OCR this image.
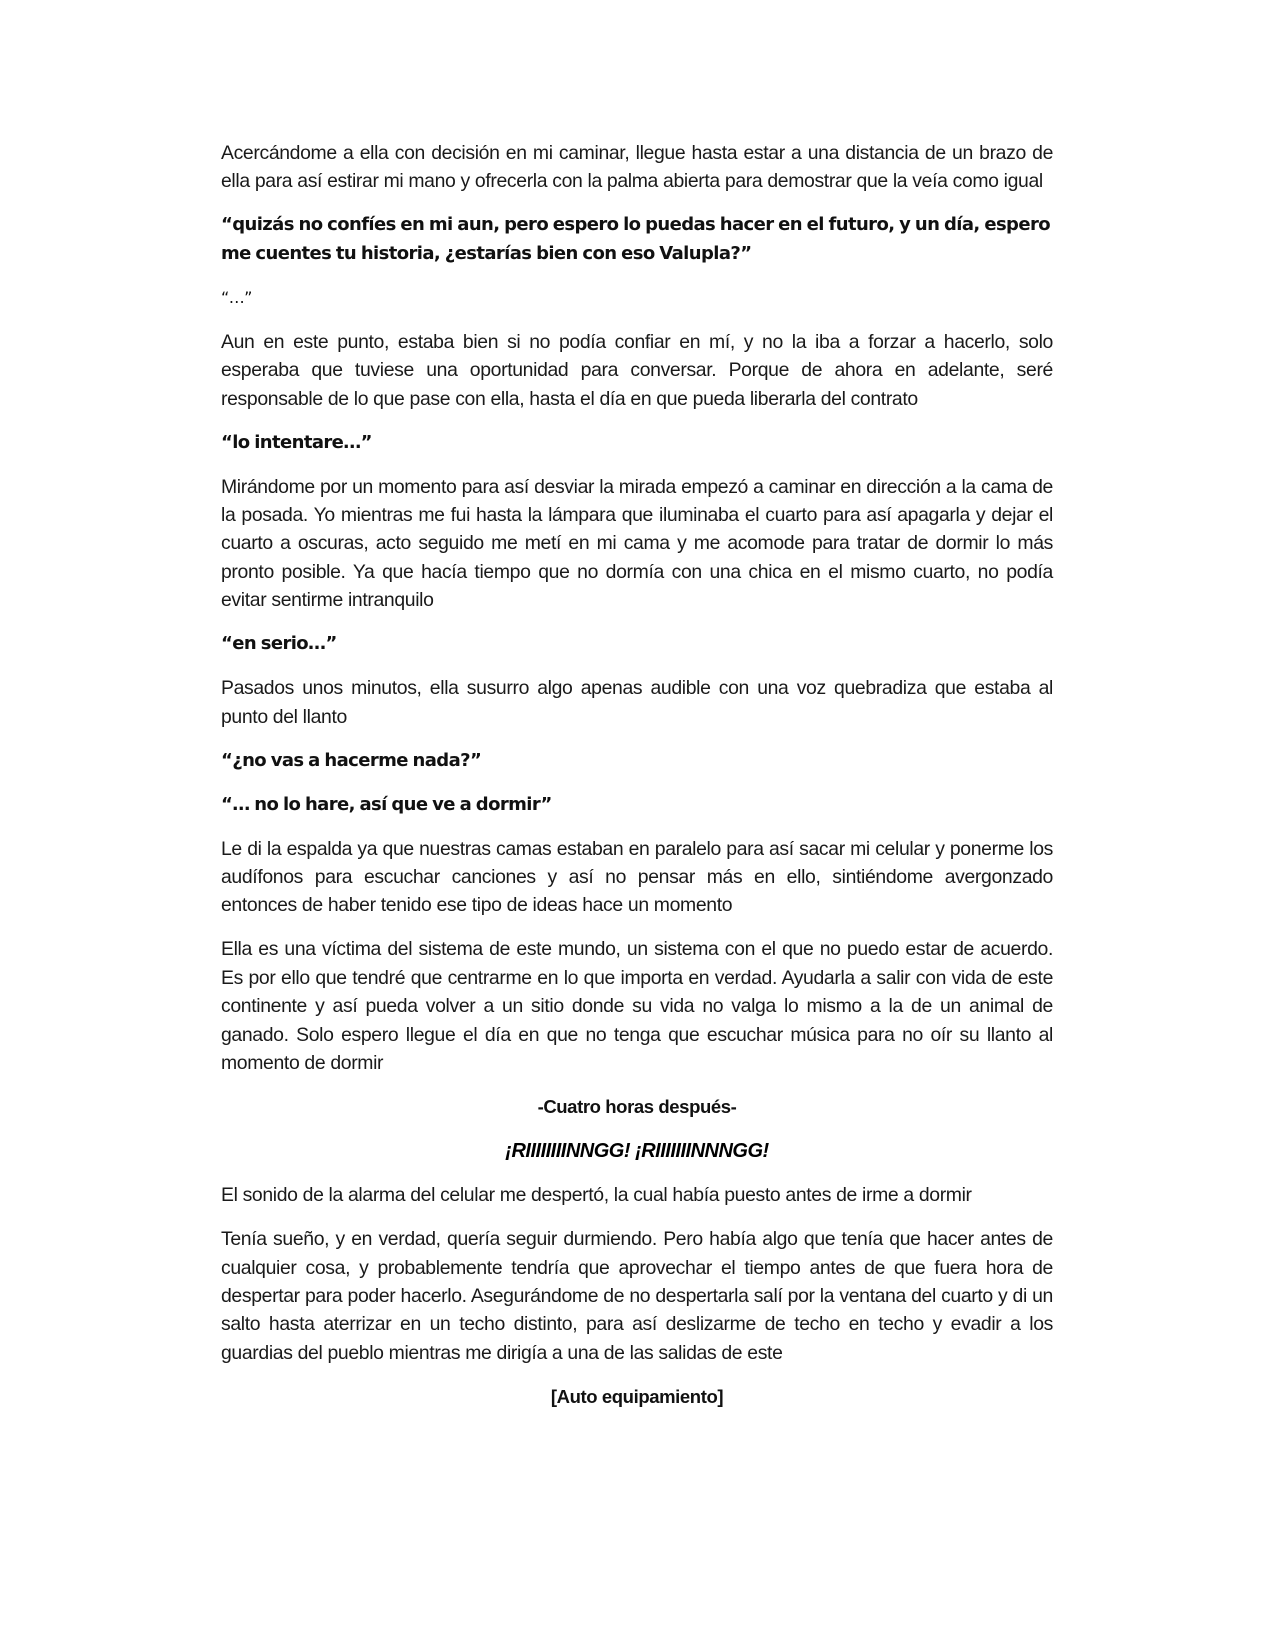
Acercándome a ella con decisión en mi caminar, llegue hasta estar a una distancia de un brazo de ella para así estirar mi mano y ofrecerla con la palma abierta para demostrar que la veía como igual

“quizás no confíes en mi aun, pero espero lo puedas hacer en el futuro, y un día, espero me cuentes tu historia, ¿estarías bien con eso Valupla?”

“…”

Aun en este punto, estaba bien si no podía confiar en mí, y no la iba a forzar a hacerlo, solo esperaba que tuviese una oportunidad para conversar. Porque de ahora en adelante, seré responsable de lo que pase con ella, hasta el día en que pueda liberarla del contrato

“lo intentare…”

Mirándome por un momento para así desviar la mirada empezó a caminar en dirección a la cama de la posada. Yo mientras me fui hasta la lámpara que iluminaba el cuarto para así apagarla y dejar el cuarto a oscuras, acto seguido me metí en mi cama y me acomode para tratar de dormir lo más pronto posible. Ya que hacía tiempo que no dormía con una chica en el mismo cuarto, no podía evitar sentirme intranquilo

“en serio…”

Pasados unos minutos, ella susurro algo apenas audible con una voz quebradiza que estaba al punto del llanto

“¿no vas a hacerme nada?”

“… no lo hare, así que ve a dormir”

Le di la espalda ya que nuestras camas estaban en paralelo para así sacar mi celular y ponerme los audífonos para escuchar canciones y así no pensar más en ello, sintiéndome avergonzado entonces de haber tenido ese tipo de ideas hace un momento

Ella es una víctima del sistema de este mundo, un sistema con el que no puedo estar de acuerdo. Es por ello que tendré que centrarme en lo que importa en verdad. Ayudarla a salir con vida de este continente y así pueda volver a un sitio donde su vida no valga lo mismo a la de un animal de ganado. Solo espero llegue el día en que no tenga que escuchar música para no oír su llanto al momento de dormir

-Cuatro horas después-

¡RIIIIIIIINNGG! ¡RIIIIIIINNNGG!

El sonido de la alarma del celular me despertó, la cual había puesto antes de irme a dormir

Tenía sueño, y en verdad, quería seguir durmiendo. Pero había algo que tenía que hacer antes de cualquier cosa, y probablemente tendría que aprovechar el tiempo antes de que fuera hora de despertar para poder hacerlo. Asegurándome de no despertarla salí por la ventana del cuarto y di un salto hasta aterrizar en un techo distinto, para así deslizarme de techo en techo y evadir a los guardias del pueblo mientras me dirigía a una de las salidas de este

[Auto equipamiento]
